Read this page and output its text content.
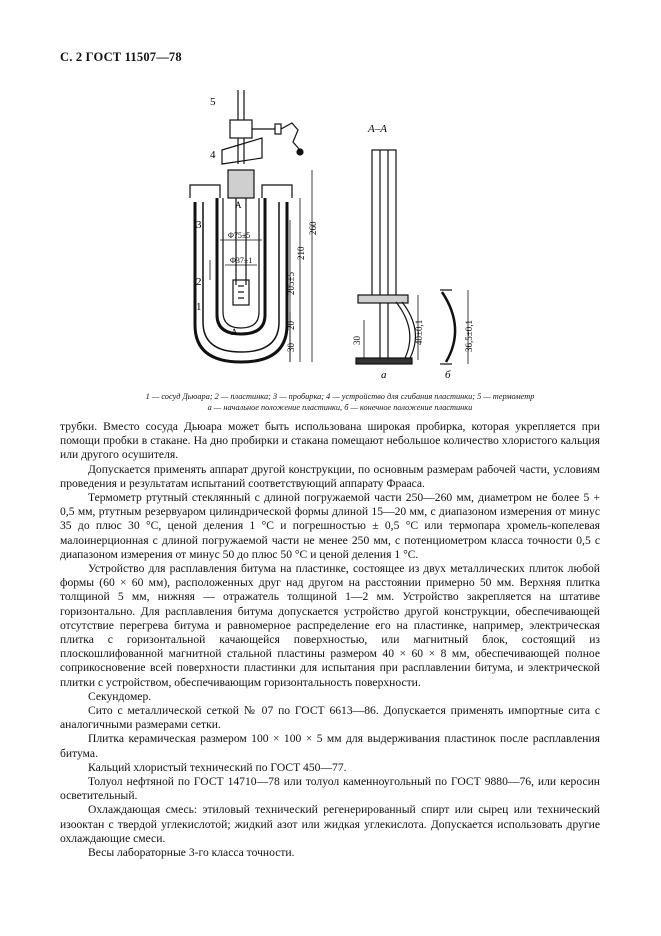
С. 2 ГОСТ 11507—78
5
4
3
2
1
A
A
Φ75±5
Φ37±1
260
210
205±5
20
30
A–A
30	40±0,1	36,5±0,1
а	б
1 — сосуд Дьюара; 2 — пластинка; 3 — пробирка; 4 — устройство для сгибания пластинки; 5 — термометр
а — начальное положение пластинки, б — конечное положение пластинки

трубки. Вместо сосуда Дьюара может быть использована широкая пробирка, которая укрепляется при помощи пробки в стакане. На дно пробирки и стакана помещают небольшое количество хлористого кальция или другого осушителя.

Допускается применять аппарат другой конструкции, по основным размерам рабочей части, условиям проведения и результатам испытаний соответствующий аппарату Фрааса.

Термометр ртутный стеклянный с длиной погружаемой части 250—260 мм, диаметром не более 5 + 0,5 мм, ртутным резервуаром цилиндрической формы длиной 15—20 мм, с диапазоном измерения от минус 35 до плюс 30 °С, ценой деления 1 °С и погрешностью ± 0,5 °С или термопара хромель-копелевая малоинерционная с длиной погружаемой части не менее 250 мм, с потенциометром класса точности 0,5 с диапазоном измерения от минус 50 до плюс 50 °С и ценой деления 1 °С.

Устройство для расплавления битума на пластинке, состоящее из двух металлических плиток любой формы (60 × 60 мм), расположенных друг над другом на расстоянии примерно 50 мм. Верхняя плитка толщиной 5 мм, нижняя — отражатель толщиной 1—2 мм. Устройство закрепляется на штативе горизонтально. Для расплавления битума допускается устройство другой конструкции, обеспечивающей отсутствие перегрева битума и равномерное распределение его на пластинке, например, электрическая плитка с горизонтальной качающейся поверхностью, или магнитный блок, состоящий из плоскошлифованной магнитной стальной пластины размером 40 × 60 × 8 мм, обеспечивающей полное соприкосновение всей поверхности пластинки для испытания при расплавлении битума, и электрической плитки с устройством, обеспечивающим горизонтальность поверхности.

Секундомер.

Сито с металлической сеткой № 07 по ГОСТ 6613—86. Допускается применять импортные сита с аналогичными размерами сетки.

Плитка керамическая размером 100 × 100 × 5 мм для выдерживания пластинок после расплавления битума.

Кальций хлористый технический по ГОСТ 450—77.

Толуол нефтяной по ГОСТ 14710—78 или толуол каменноугольный по ГОСТ 9880—76, или керосин осветительный.

Охлаждающая смесь: этиловый технический регенерированный спирт или сырец или технический изооктан с твердой углекислотой; жидкий азот или жидкая углекислота. Допускается использовать другие охлаждающие смеси.

Весы лабораторные 3-го класса точности.
